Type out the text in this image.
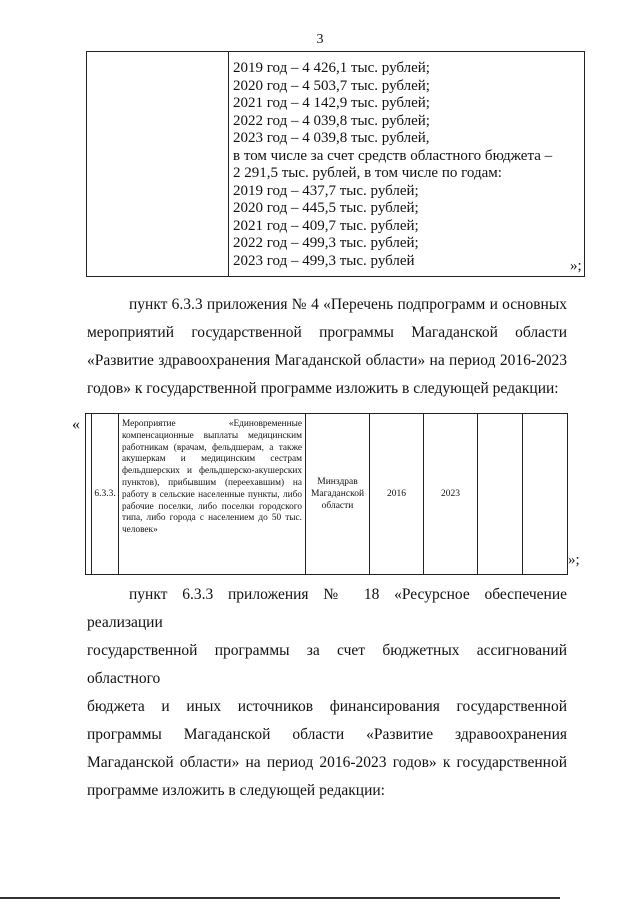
3

2019 год – 4 426,1 тыс. рублей;
2020 год – 4 503,7 тыс. рублей;
2021 год – 4 142,9 тыс. рублей;
2022 год – 4 039,8 тыс. рублей;
2023 год – 4 039,8 тыс. рублей,
в том числе за счет средств областного бюджета –
2 291,5 тыс. рублей, в том числе по годам:
2019 год – 437,7 тыс. рублей;
2020 год – 445,5 тыс. рублей;
2021 год – 409,7 тыс. рублей;
2022 год – 499,3 тыс. рублей;
2023 год – 499,3 тыс. рублей	»;
пункт 6.3.3 приложения № 4 «Перечень подпрограмм и основных
мероприятий государственной программы Магаданской области
«Развитие здравоохранения Магаданской области» на период 2016-2023
годов» к государственной программе изложить в следующей редакции:
«
	6.3.3.	Мероприятие «Единовременные компенсационные выплаты медицинским работникам (врачам, фельдшерам, а также акушеркам и медицинским сестрам фельдшерских и фельдшерско-акушерских пунктов), прибывшим (переехавшим) на работу в сельские населенные пункты, либо рабочие поселки, либо поселки городского типа, либо города с населением до 50 тыс. человек»	Минздрав Магаданской области	2016	2023		
»;
пункт 6.3.3 приложения № 18 «Ресурсное обеспечение реализации
государственной программы за счет бюджетных ассигнований областного
бюджета и иных источников финансирования государственной
программы Магаданской области «Развитие здравоохранения
Магаданской области» на период 2016-2023 годов» к государственной
программе изложить в следующей редакции:
